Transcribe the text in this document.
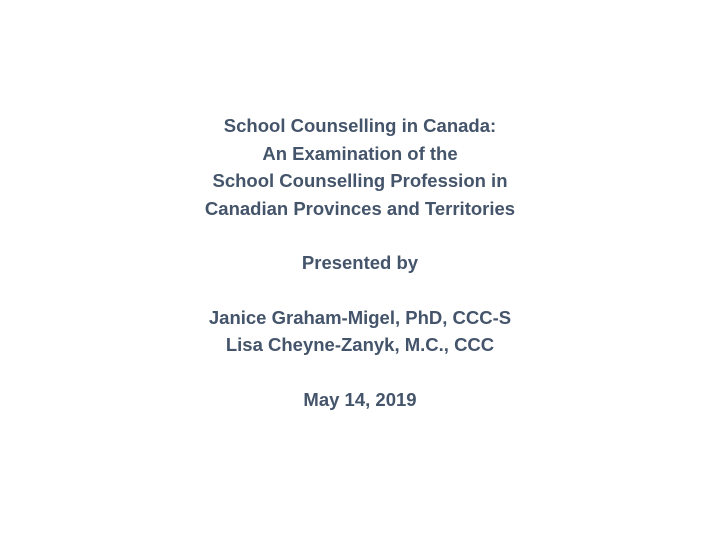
School Counselling in Canada:
An Examination of the
School Counselling Profession in
Canadian Provinces and Territories
Presented by
Janice Graham-Migel, PhD, CCC-S
Lisa Cheyne-Zanyk, M.C., CCC
May 14, 2019
